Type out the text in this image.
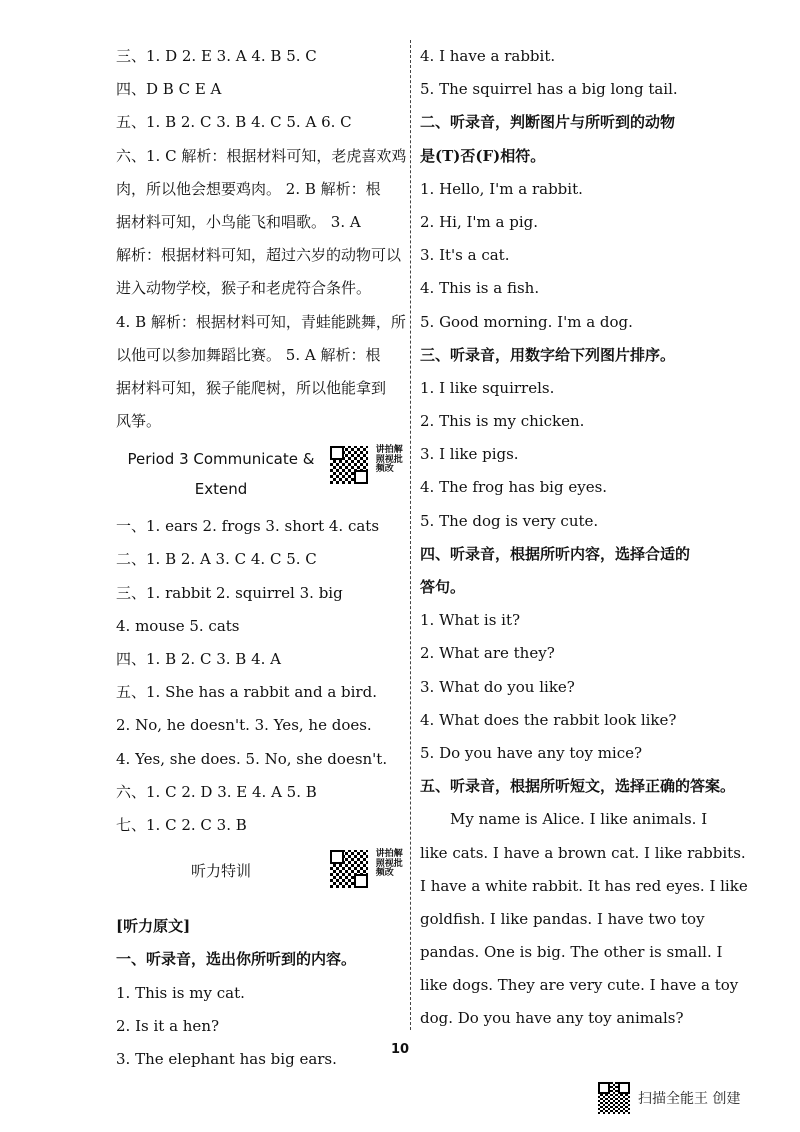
三、1. D 2. E 3. A 4. B 5. C
四、D B C E A
五、1. B 2. C 3. B 4. C 5. A 6. C
六、1. C 解析：根据材料可知，老虎喜欢鸡
肉，所以他会想要鸡肉。 2. B 解析：根
据材料可知，小鸟能飞和唱歌。 3. A
解析：根据材料可知，超过六岁的动物可以
进入动物学校，猴子和老虎符合条件。
4. B 解析：根据材料可知，青蛙能跳舞，所
以他可以参加舞蹈比赛。 5. A 解析：根
据材料可知，猴子能爬树，所以他能拿到
风筝。
Period 3 Communicate &
Extend
讲拍解照视批频改
一、1. ears 2. frogs 3. short 4. cats
二、1. B 2. A 3. C 4. C 5. C
三、1. rabbit 2. squirrel 3. big
4. mouse 5. cats
四、1. B 2. C 3. B 4. A
五、1. She has a rabbit and a bird.
2. No, he doesn't. 3. Yes, he does.
4. Yes, she does. 5. No, she doesn't.
六、1. C 2. D 3. E 4. A 5. B
七、1. C 2. C 3. B
听力特训
讲拍解照视批频改
[听力原文]
一、听录音，选出你所听到的内容。
1. This is my cat.
2. Is it a hen?
3. The elephant has big ears.
4. I have a rabbit.
5. The squirrel has a big long tail.
二、听录音，判断图片与所听到的动物
是(T)否(F)相符。
1. Hello, I'm a rabbit.
2. Hi, I'm a pig.
3. It's a cat.
4. This is a fish.
5. Good morning. I'm a dog.
三、听录音，用数字给下列图片排序。
1. I like squirrels.
2. This is my chicken.
3. I like pigs.
4. The frog has big eyes.
5. The dog is very cute.
四、听录音，根据所听内容，选择合适的
答句。
1. What is it?
2. What are they?
3. What do you like?
4. What does the rabbit look like?
5. Do you have any toy mice?
五、听录音，根据所听短文，选择正确的答案。
My name is Alice. I like animals. I
like cats. I have a brown cat. I like rabbits.
I have a white rabbit. It has red eyes. I like
goldfish. I like pandas. I have two toy
pandas. One is big. The other is small. I
like dogs. They are very cute. I have a toy
dog. Do you have any toy animals?
10
扫描全能王 创建
